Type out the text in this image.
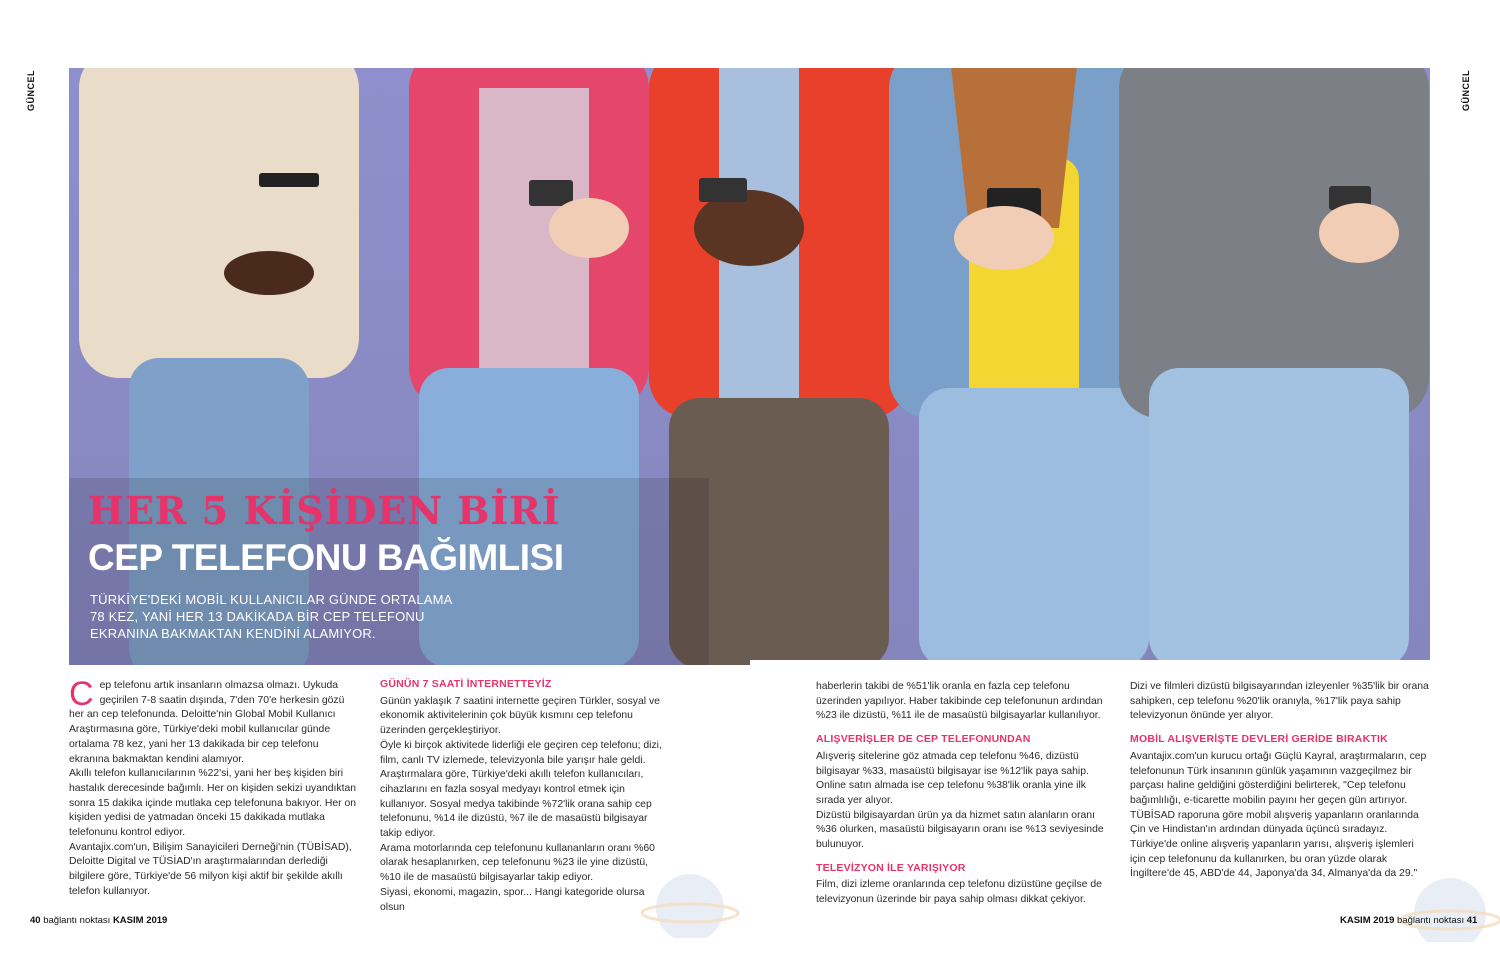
GÜNCEL	GÜNCEL
HER 5 KİŞİDEN BİRİ
CEP TELEFONU BAĞIMLISI
TÜRKİYE'DEKİ MOBİL KULLANICILAR GÜNDE ORTALAMA 78 KEZ, YANİ HER 13 DAKİKADA BİR CEP TELEFONU EKRANINA BAKMAKTAN KENDİNİ ALAMIYOR.
C ep telefonu artık insanların olmazsa olmazı. Uykuda geçirilen 7-8 saatin dışında, 7'den 70'e herkesin gözü her an cep telefonunda. Deloitte'nin Global Mobil Kullanıcı Araştırmasına göre, Türkiye'deki mobil kullanıcılar günde ortalama 78 kez, yani her 13 dakikada bir cep telefonu ekranına bakmaktan kendini alamıyor.

Akıllı telefon kullanıcılarının %22'si, yani her beş kişiden biri hastalık derecesinde bağımlı. Her on kişiden sekizi uyandıktan sonra 15 dakika içinde mutlaka cep telefonuna bakıyor. Her on kişiden yedisi de yatmadan önceki 15 dakikada mutlaka telefonunu kontrol ediyor.

Avantajix.com'un, Bilişim Sanayicileri Derneği'nin (TÜBİSAD), Deloitte Digital ve TÜSİAD'ın araştırmalarından derlediği bilgilere göre, Türkiye'de 56 milyon kişi aktif bir şekilde akıllı telefon kullanıyor.

GÜNÜN 7 SAATİ İNTERNETTEYİZ

Günün yaklaşık 7 saatini internette geçiren Türkler, sosyal ve ekonomik aktivitelerinin çok büyük kısmını cep telefonu üzerinden gerçekleştiriyor.

Öyle ki birçok aktivitede liderliği ele geçiren cep telefonu; dizi, film, canlı TV izlemede, televizyonla bile yarışır hale geldi. Araştırmalara göre, Türkiye'deki akıllı telefon kullanıcıları, cihazlarını en fazla sosyal medyayı kontrol etmek için kullanıyor. Sosyal medya takibinde %72'lik orana sahip cep telefonunu, %14 ile dizüstü, %7 ile de masaüstü bilgisayar takip ediyor.

Arama motorlarında cep telefonunu kullananların oranı %60 olarak hesaplanırken, cep telefonunu %23 ile yine dizüstü, %10 ile de masaüstü bilgisayarlar takip ediyor.

Siyasi, ekonomi, magazin, spor... Hangi kategoride olursa olsun

haberlerin takibi de %51'lik oranla en fazla cep telefonu üzerinden yapılıyor. Haber takibinde cep telefonunun ardından %23 ile dizüstü, %11 ile de masaüstü bilgisayarlar kullanılıyor.

ALIŞVERİŞLER DE CEP TELEFONUNDAN

Alışveriş sitelerine göz atmada cep telefonu %46, dizüstü bilgisayar %33, masaüstü bilgisayar ise %12'lik paya sahip. Online satın almada ise cep telefonu %38'lik oranla yine ilk sırada yer alıyor.

Dizüstü bilgisayardan ürün ya da hizmet satın alanların oranı %36 olurken, masaüstü bilgisayarın oranı ise %13 seviyesinde bulunuyor.

TELEVİZYON İLE YARIŞIYOR

Film, dizi izleme oranlarında cep telefonu dizüstüne geçilse de televizyonun üzerinde bir paya sahip olması dikkat çekiyor.

Dizi ve filmleri dizüstü bilgisayarından izleyenler %35'lik bir orana sahipken, cep telefonu %20'lik oranıyla, %17'lik paya sahip televizyonun önünde yer alıyor.

MOBİL ALIŞVERİŞTE DEVLERİ GERİDE BIRAKTIK

Avantajix.com'un kurucu ortağı Güçlü Kayral, araştırmaların, cep telefonunun Türk insanının günlük yaşamının vazgeçilmez bir parçası haline geldiğini gösterdiğini belirterek, "Cep telefonu bağımlılığı, e-ticarette mobilin payını her geçen gün artırıyor. TÜBİSAD raporuna göre mobil alışveriş yapanların oranlarında Çin ve Hindistan'ın ardından dünyada üçüncü sıradayız. Türkiye'de online alışveriş yapanların yarısı, alışveriş işlemleri için cep telefonunu da kullanırken, bu oran yüzde olarak İngiltere'de 45, ABD'de 44, Japonya'da 34, Almanya'da da 29."

40 bağlantı noktası KASIM 2019	KASIM 2019 bağlantı noktası 41
